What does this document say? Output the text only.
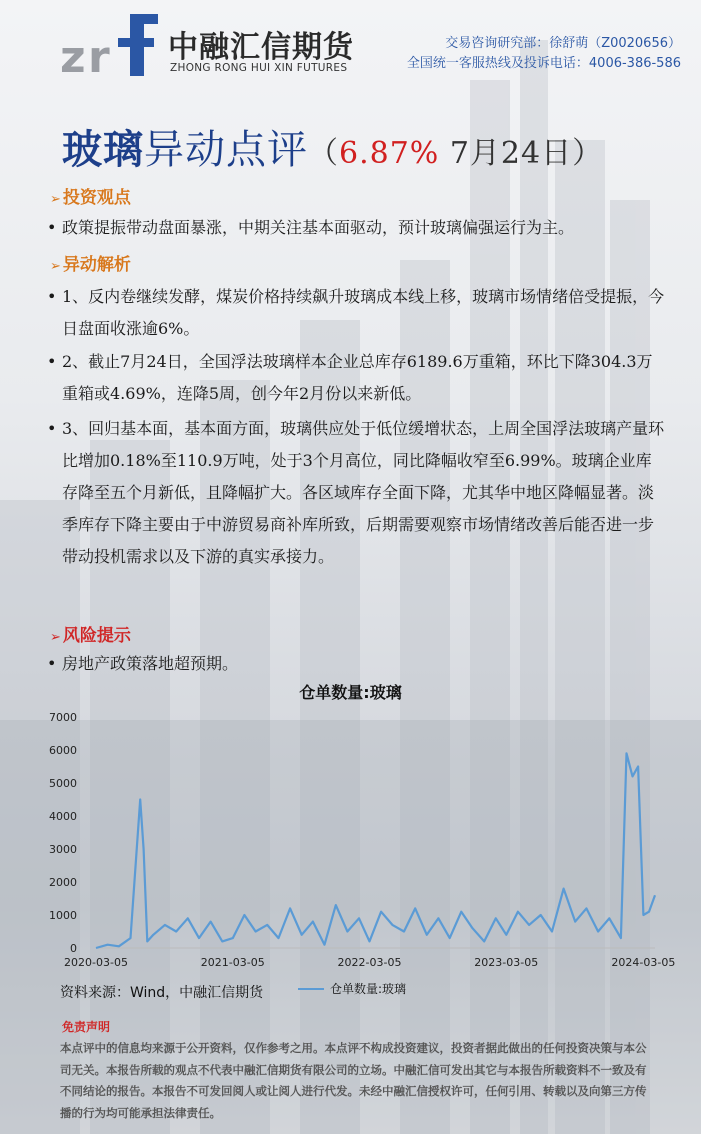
z r 中融汇信期货
ZHONG RONG HUI XIN FUTURES
交易咨询研究部：徐舒萌（Z0020656）
全国统一客服热线及投诉电话：4006-386-586
玻璃异动点评（6.87% 7月24日）
➢ 投资观点
• 政策提振带动盘面暴涨，中期关注基本面驱动，预计玻璃偏强运行为主。
➢ 异动解析
• 1、反内卷继续发酵，煤炭价格持续飙升玻璃成本线上移，玻璃市场情绪倍受提振，今日盘面收涨逾6%。
• 2、截止7月24日，全国浮法玻璃样本企业总库存6189.6万重箱，环比下降304.3万重箱或4.69%，连降5周，创今年2月份以来新低。
• 3、回归基本面，基本面方面，玻璃供应处于低位缓增状态，上周全国浮法玻璃产量环比增加0.18%至110.9万吨，处于3个月高位，同比降幅收窄至6.99%。玻璃企业库存降至五个月新低，且降幅扩大。各区域库存全面下降，尤其华中地区降幅显著。淡季库存下降主要由于中游贸易商补库所致，后期需要观察市场情绪改善后能否进一步带动投机需求以及下游的真实承接力。
➢ 风险提示
• 房地产政策落地超预期。
仓单数量:玻璃
0
1000
2000
3000
4000
5000
6000
7000
2020-03-05	2021-03-05	2022-03-05	2023-03-05	2024-03-05
资料来源：Wind，中融汇信期货	仓单数量:玻璃
免责声明
本点评中的信息均来源于公开资料，仅作参考之用。本点评不构成投资建议，投资者据此做出的任何投资决策与本公司无关。本报告所载的观点不代表中融汇信期货有限公司的立场。中融汇信可发出其它与本报告所载资料不一致及有不同结论的报告。本报告不可发回阅人或让阅人进行代发。未经中融汇信授权许可，任何引用、转载以及向第三方传播的行为均可能承担法律责任。
